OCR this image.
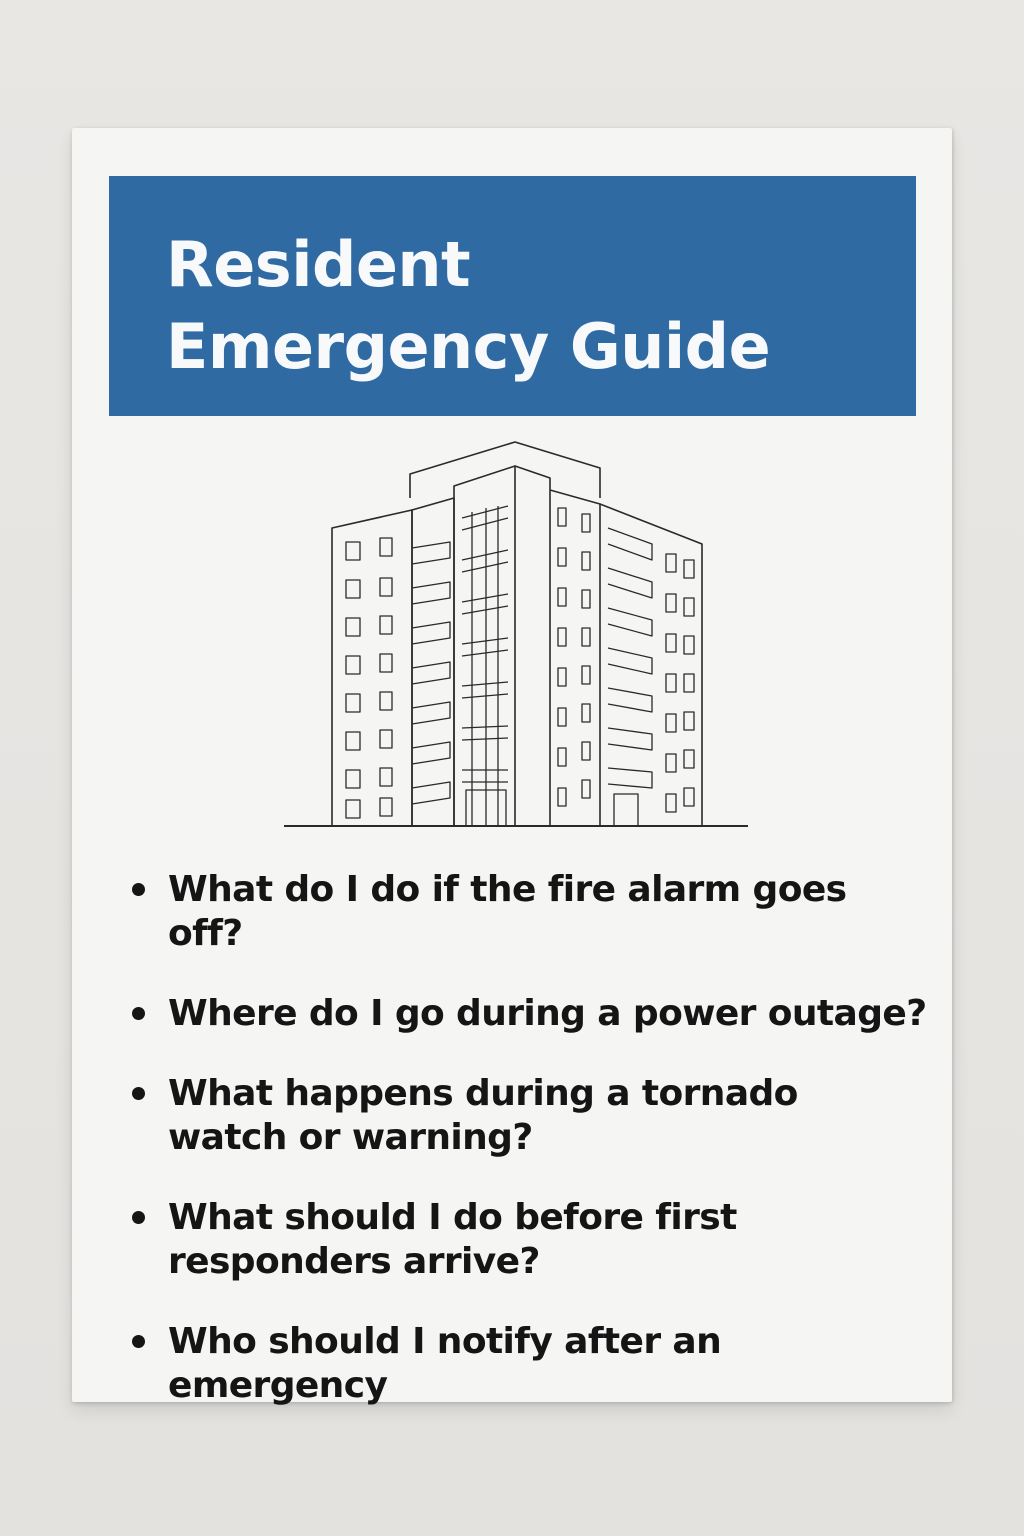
Resident
Emergency Guide
What do I do if the fire alarm goes off?
Where do I go during a power outage?
What happens during a tornado watch or warning?
What should I do before first responders arrive?
Who should I notify after an emergency
